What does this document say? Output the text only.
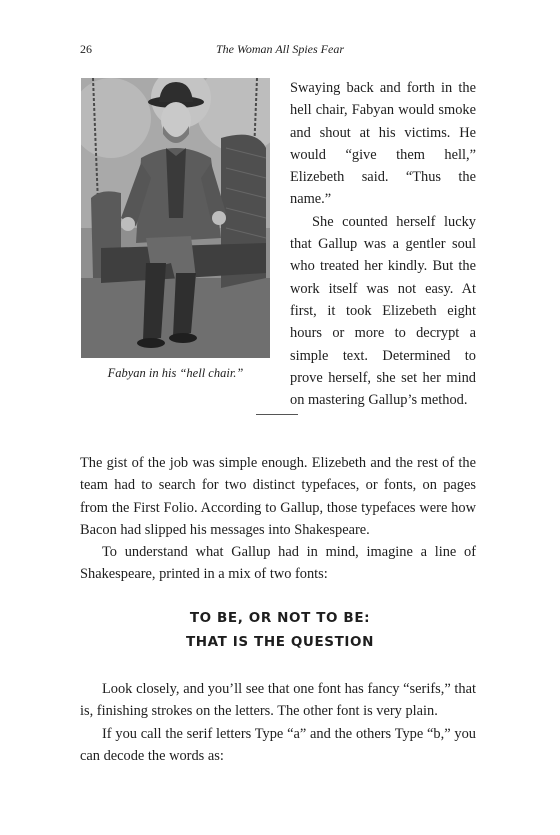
26	The Woman All Spies Fear
Fabyan in his “hell chair.”

Swaying back and forth in the hell chair, Fabyan would smoke and shout at his victims. He would “give them hell,” Elizebeth said. “Thus the name.”

She counted herself lucky that Gallup was a gentler soul who treated her kindly. But the work itself was not easy. At first, it took Elizebeth eight hours or more to decrypt a simple text. Determined to prove herself, she set her mind on mastering Gallup’s method.

The gist of the job was simple enough. Elizebeth and the rest of the team had to search for two distinct typefaces, or fonts, on pages from the First Folio. According to Gallup, those typefaces were how Bacon had slipped his messages into Shakespeare.

To understand what Gallup had in mind, imagine a line of Shakespeare, printed in a mix of two fonts:

TO BE, OR NOT TO BE:

THAT IS THE QUESTION

Look closely, and you’ll see that one font has fancy “serifs,” that is, finishing strokes on the letters. The other font is very plain.

If you call the serif letters Type “a” and the others Type “b,” you can decode the words as:
